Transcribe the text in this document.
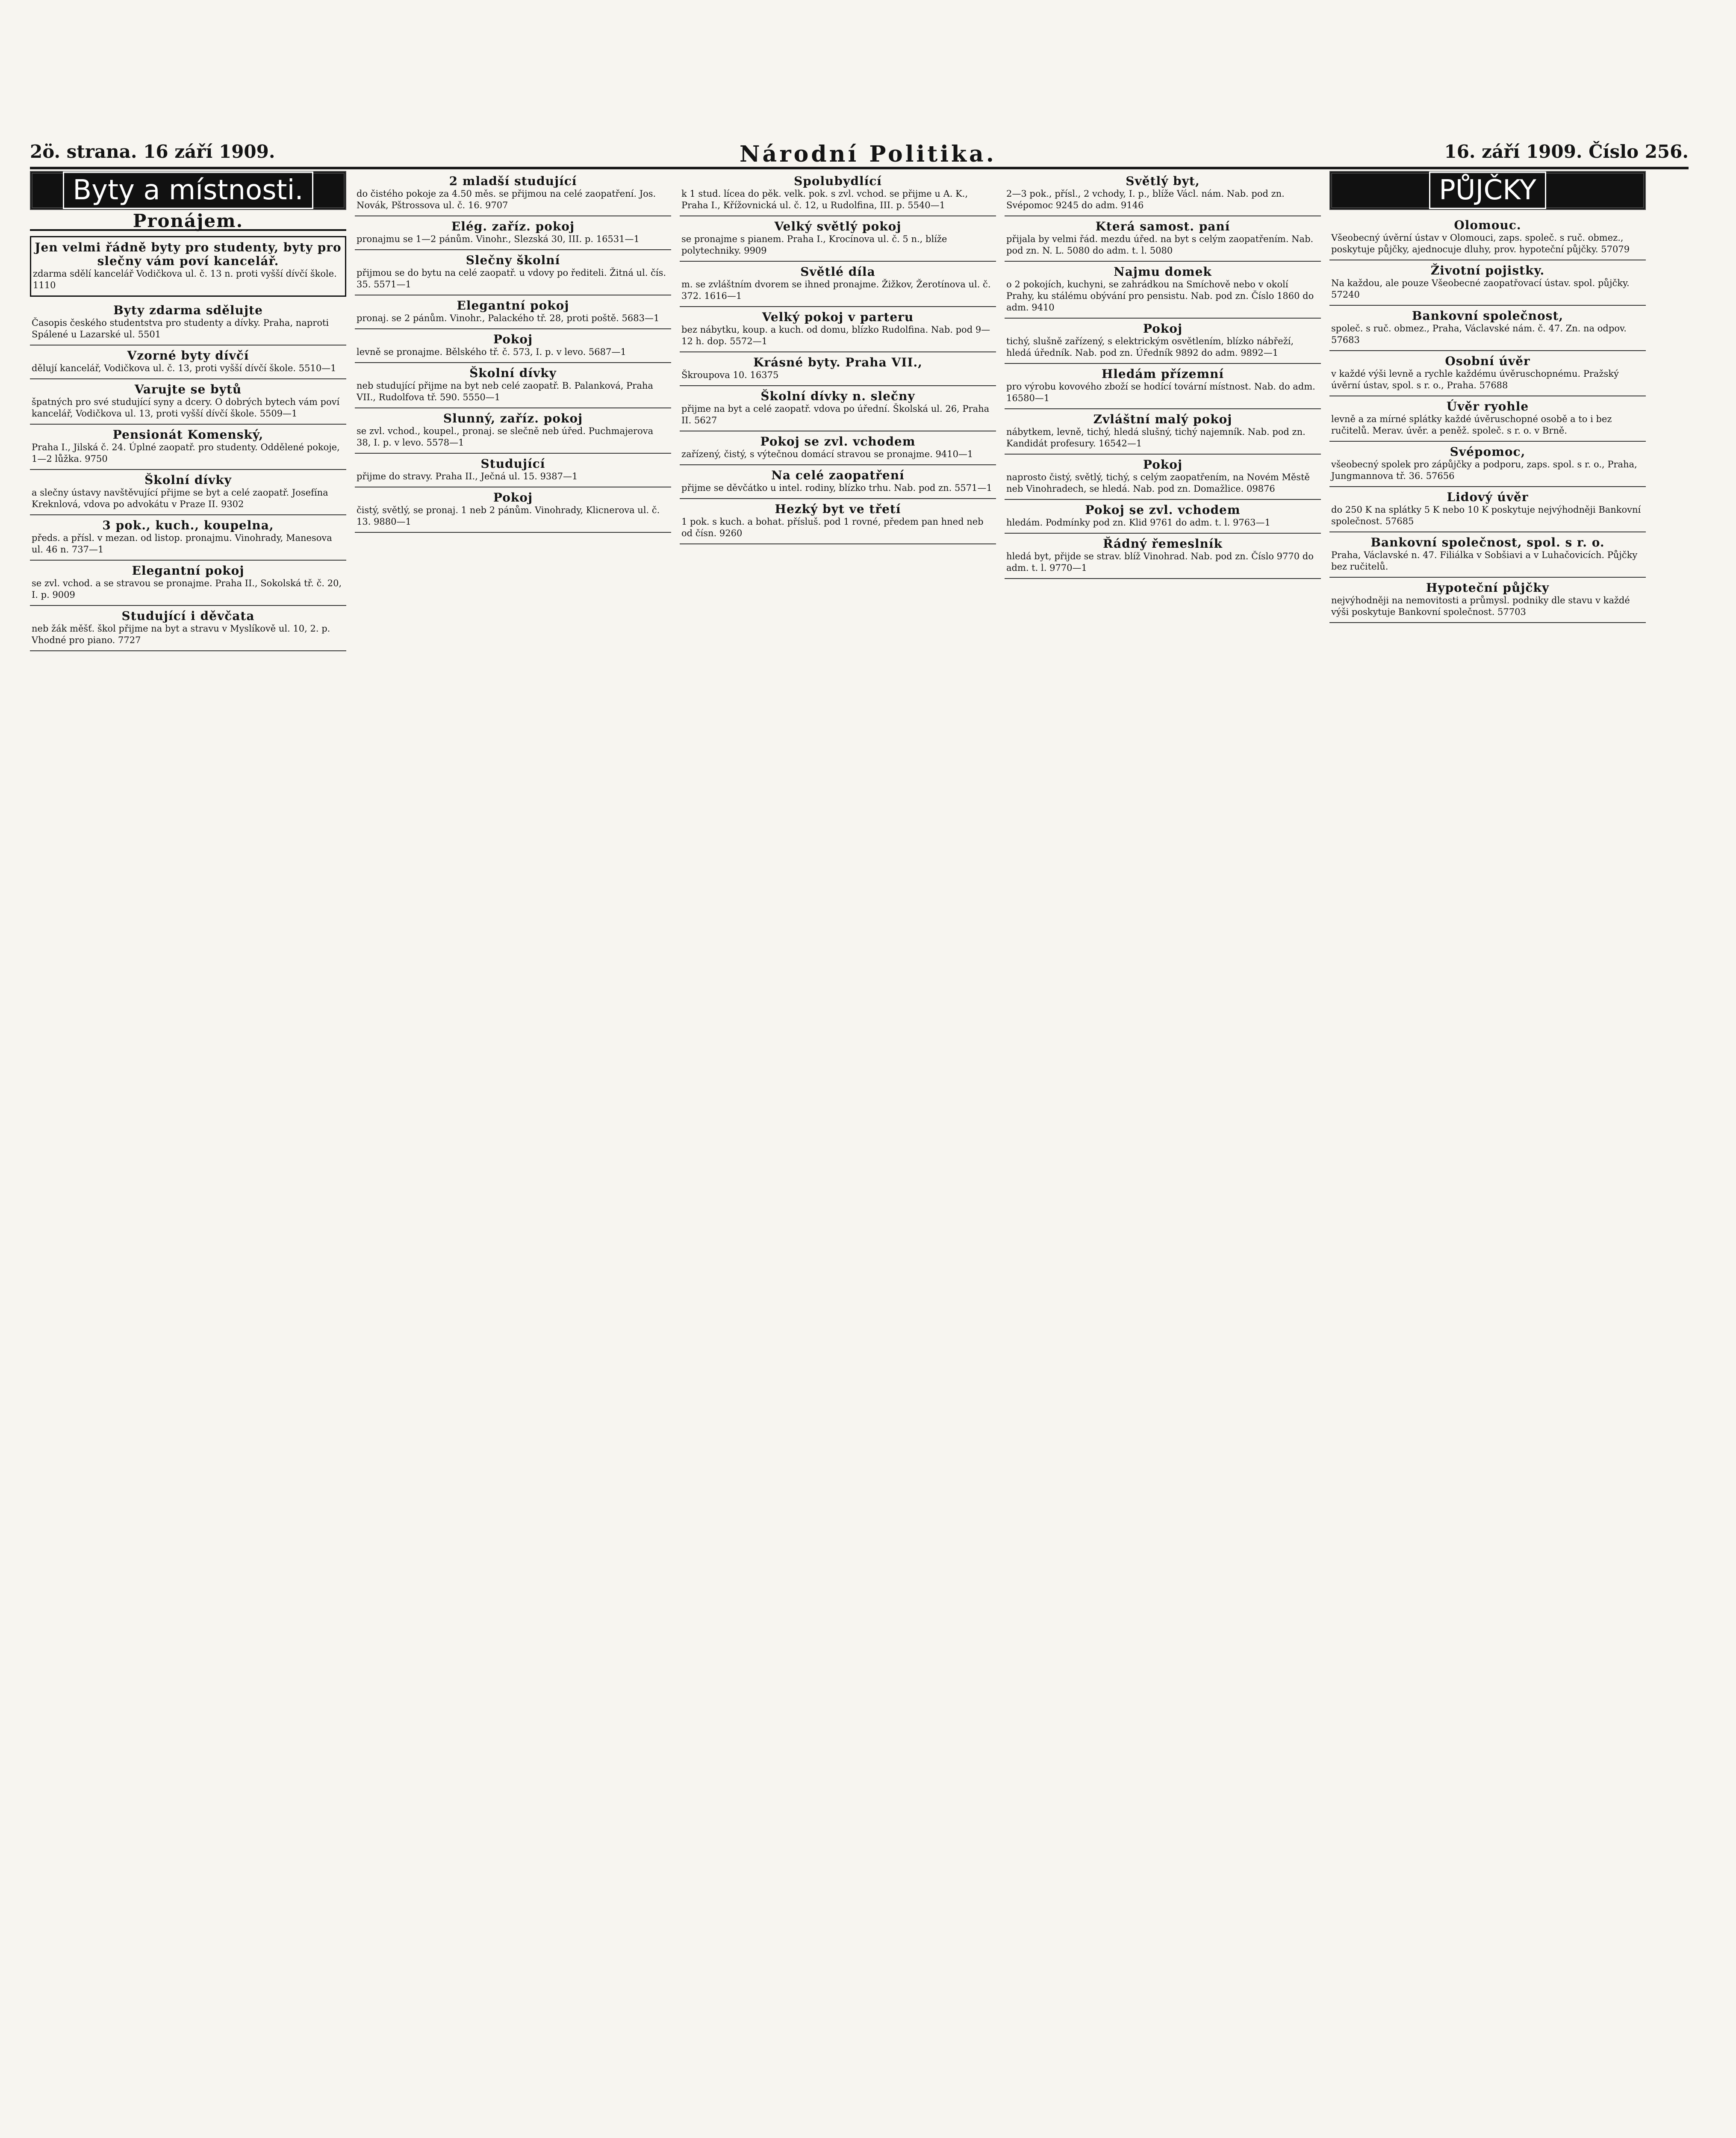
2ö. strana. 16 září 1909.	Národní Politika.	16. září 1909. Číslo 256.
Byty a místnosti.
Pronájem.
Jen velmi řádně byty pro studenty, byty pro slečny vám poví kancelář.
zdarma sdělí kancelář Vodičkova ul. č. 13 n. proti vyšší dívčí škole. 1110
Byty zdarma sdělujte
Časopis českého studentstva pro studenty a dívky. Praha, naproti Spálené u Lazarské ul. 5501
Vzorné byty dívčí
dělují kancelář, Vodičkova ul. č. 13, proti vyšší dívčí škole. 5510—1
Varujte se bytů
špatných pro své studující syny a dcery. O dobrých bytech vám poví kancelář, Vodičkova ul. 13, proti vyšší dívčí škole. 5509—1
Pensionát Komenský,
Praha I., Jilská č. 24. Úplné zaopatř. pro studenty. Oddělené pokoje, 1—2 lůžka. 9750
Školní dívky
a slečny ústavy navštěvující přijme se byt a celé zaopatř. Josefína Kreknlová, vdova po advokátu v Praze II. 9302
3 pok., kuch., koupelna,
předs. a přísl. v mezan. od listop. pronajmu. Vinohrady, Manesova ul. 46 n. 737—1
Elegantní pokoj
se zvl. vchod. a se stravou se pronajme. Praha II., Sokolská tř. č. 20, I. p. 9009
Studující i děvčata
neb žák měšť. škol přijme na byt a stravu v Myslíkově ul. 10, 2. p. Vhodné pro piano. 7727
2 mladší studující
do čistého pokoje za 4.50 měs. se přijmou na celé zaopatření. Jos. Novák, Pštrossova ul. č. 16. 9707
Elég. zaříz. pokoj
pronajmu se 1—2 pánům. Vinohr., Slezská 30, III. p. 16531—1
Slečny školní
přijmou se do bytu na celé zaopatř. u vdovy po řediteli. Žitná ul. čís. 35. 5571—1
Elegantní pokoj
pronaj. se 2 pánům. Vinohr., Palackého tř. 28, proti poště. 5683—1
Pokoj
levně se pronajme. Bělského tř. č. 573, I. p. v levo. 5687—1
Školní dívky
neb studující přijme na byt neb celé zaopatř. B. Palanková, Praha VII., Rudolfova tř. 590. 5550—1
Slunný, zaříz. pokoj
se zvl. vchod., koupel., pronaj. se slečně neb úřed. Puchmajerova 38, I. p. v levo. 5578—1
Studující
přijme do stravy. Praha II., Ječná ul. 15. 9387—1
Pokoj
čistý, světlý, se pronaj. 1 neb 2 pánům. Vinohrady, Klicnerova ul. č. 13. 9880—1
Spolubydlící
k 1 stud. lícea do pěk. velk. pok. s zvl. vchod. se přijme u A. K., Praha I., Křížovnická ul. č. 12, u Rudolfina, III. p. 5540—1
Velký světlý pokoj
se pronajme s pianem. Praha I., Krocínova ul. č. 5 n., blíže polytechniky. 9909
Světlé díla
m. se zvláštním dvorem se ihned pronajme. Žižkov, Žerotínova ul. č. 372. 1616—1
Velký pokoj v parteru
bez nábytku, koup. a kuch. od domu, blízko Rudolfina. Nab. pod 9—12 h. dop. 5572—1
Krásné byty. Praha VII.,
Škroupova 10. 16375
Školní dívky n. slečny
přijme na byt a celé zaopatř. vdova po úřední. Školská ul. 26, Praha II. 5627
Pokoj se zvl. vchodem
zařízený, čistý, s výtečnou domácí stravou se pronajme. 9410—1
Na celé zaopatření
přijme se děvčátko u intel. rodiny, blízko trhu. Nab. pod zn. 5571—1
Hezký byt ve třetí
1 pok. s kuch. a bohat. přísluš. pod 1 rovné, předem pan hned neb od čísn. 9260
Světlý byt,
2—3 pok., přísl., 2 vchody, I. p., blíže Václ. nám. Nab. pod zn. Svépomoc 9245 do adm. 9146
Která samost. paní
přijala by velmi řád. mezdu úřed. na byt s celým zaopatřením. Nab. pod zn. N. L. 5080 do adm. t. l. 5080
Najmu domek
o 2 pokojích, kuchyni, se zahrádkou na Smíchově nebo v okolí Prahy, ku stálému obývání pro pensistu. Nab. pod zn. Číslo 1860 do adm. 9410
Pokoj
tichý, slušně zařízený, s elektrickým osvětlením, blízko nábřeží, hledá úředník. Nab. pod zn. Úředník 9892 do adm. 9892—1
Hledám přízemní
pro výrobu kovového zboží se hodící tovární místnost. Nab. do adm. 16580—1
Zvláštní malý pokoj
nábytkem, levně, tichý, hledá slušný, tichý najemník. Nab. pod zn. Kandidát profesury. 16542—1
Pokoj
naprosto čistý, světlý, tichý, s celým zaopatřením, na Novém Městě neb Vinohradech, se hledá. Nab. pod zn. Domažlice. 09876
Pokoj se zvl. vchodem
hledám. Podmínky pod zn. Klid 9761 do adm. t. l. 9763—1
Řádný řemeslník
hledá byt, přijde se strav. blíž Vinohrad. Nab. pod zn. Číslo 9770 do adm. t. l. 9770—1
PŮJČKY
Olomouc.
Všeobecný úvěrní ústav v Olomouci, zaps. společ. s ruč. obmez., poskytuje půjčky, ajednocuje dluhy, prov. hypoteční půjčky. 57079
Životní pojistky.
Na každou, ale pouze Všeobecné zaopatřovací ústav. spol. půjčky. 57240
Bankovní společnost,
společ. s ruč. obmez., Praha, Václavské nám. č. 47. Zn. na odpov. 57683
Osobní úvěr
v každé výši levně a rychle každému úvěruschopnému. Pražský úvěrní ústav, spol. s r. o., Praha. 57688
Úvěr ryohle
levně a za mírné splátky každé úvěruschopné osobě a to i bez ručitelů. Merav. úvěr. a peněž. společ. s r. o. v Brně.
Svépomoc,
všeobecný spolek pro zápůjčky a podporu, zaps. spol. s r. o., Praha, Jungmannova tř. 36. 57656
Lidový úvěr
do 250 K na splátky 5 K nebo 10 K poskytuje nejvýhodněji Bankovní společnost. 57685
Bankovní společnost, spol. s r. o.
Praha, Václavské n. 47. Filiálka v Sobšiavi a v Luhačovicích. Půjčky bez ručitelů.
Hypoteční půjčky
nejvýhodněji na nemovitosti a průmysl. podniky dle stavu v každé výši poskytuje Bankovní společnost. 57703
